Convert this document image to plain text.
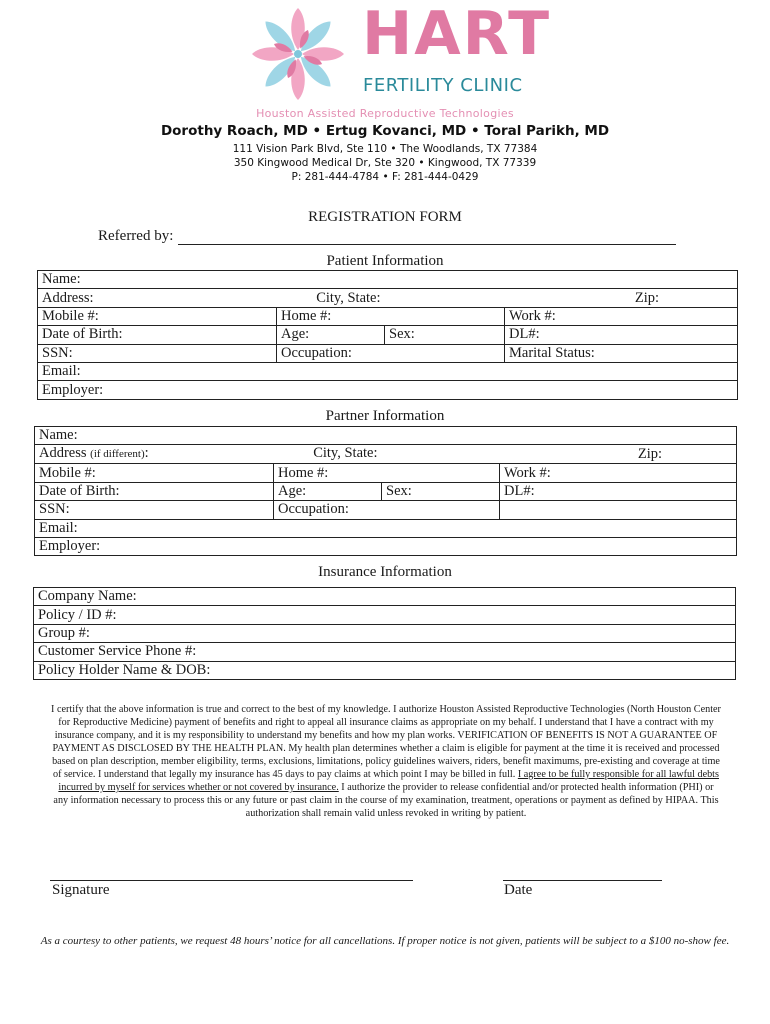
HART
FERTILITY CLINIC
Houston Assisted Reproductive Technologies
Dorothy Roach, MD • Ertug Kovanci, MD • Toral Parikh, MD
111 Vision Park Blvd, Ste 110 • The Woodlands, TX 77384
350 Kingwood Medical Dr, Ste 320 • Kingwood, TX 77339
P: 281-444-4784 • F: 281-444-0429
REGISTRATION FORM
Referred by:
Patient Information
Name:			
Address: City, State:		Zip:	
Mobile #:	Home #:		Work #:
Date of Birth:	Age:	Sex:	DL#:
SSN:	Occupation:		Marital Status:
Email:			
Employer:			
Partner Information
Name:			
Address (if different): City, State:		Zip:	
Mobile #:	Home #:		Work #:
Date of Birth:	Age:	Sex:	DL#:
SSN:	Occupation:		
Email:			
Employer:			
Insurance Information
Company Name:
Policy / ID #:
Group #:
Customer Service Phone #:
Policy Holder Name & DOB:
I certify that the above information is true and correct to the best of my knowledge. I authorize Houston Assisted Reproductive Technologies (North Houston Center for Reproductive Medicine) payment of benefits and right to appeal all insurance claims as appropriate on my behalf. I understand that I have a contract with my insurance company, and it is my responsibility to understand my benefits and how my plan works. VERIFICATION OF BENEFITS IS NOT A GUARANTEE OF PAYMENT AS DISCLOSED BY THE HEALTH PLAN. My health plan determines whether a claim is eligible for payment at the time it is received and processed based on plan description, member eligibility, terms, exclusions, limitations, policy guidelines waivers, riders, benefit maximums, pre-existing and coverage at time of service. I understand that legally my insurance has 45 days to pay claims at which point I may be billed in full. I agree to be fully responsible for all lawful debts incurred by myself for services whether or not covered by insurance. I authorize the provider to release confidential and/or protected health information (PHI) or any information necessary to process this or any future or past claim in the course of my examination, treatment, operations or payment as defined by HIPAA. This authorization shall remain valid unless revoked in writing by patient.
Signature	Date
As a courtesy to other patients, we request 48 hours’ notice for all cancellations. If proper notice is not given, patients will be subject to a $100 no-show fee.
